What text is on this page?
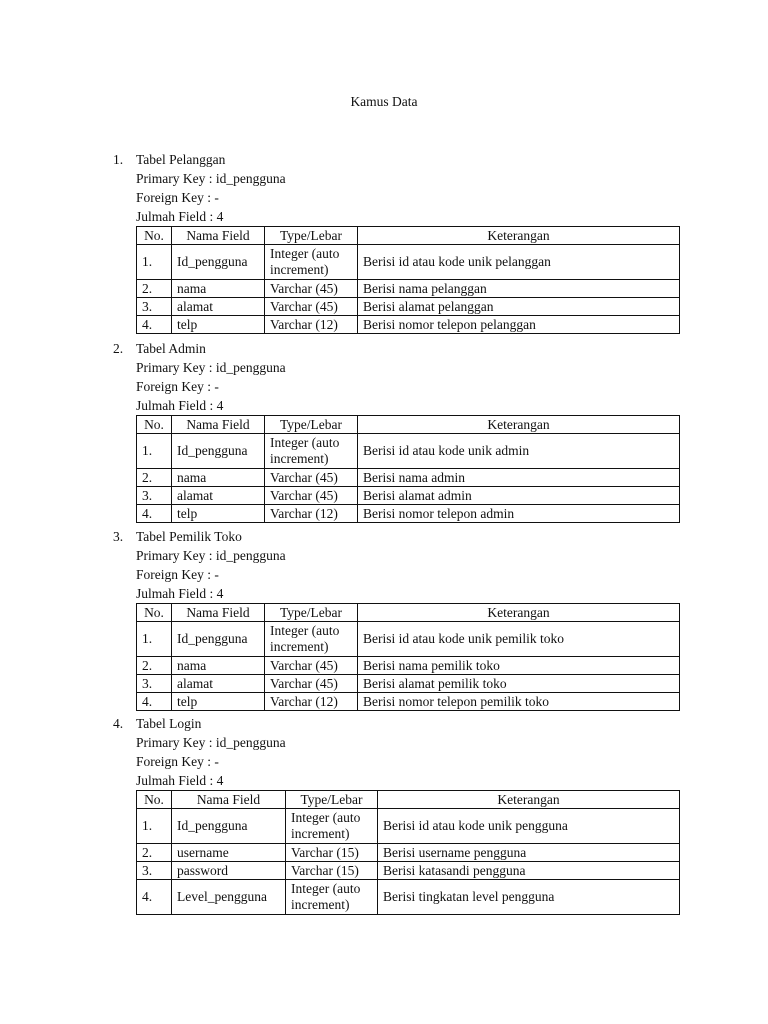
Kamus Data
1. Tabel Pelanggan
Primary Key : id_pengguna
Foreign Key : -
Julmah Field : 4
No.	Nama Field	Type/Lebar	Keterangan
1.	Id_pengguna	Integer (auto increment)	Berisi id atau kode unik pelanggan
2.	nama	Varchar (45)	Berisi nama pelanggan
3.	alamat	Varchar (45)	Berisi alamat pelanggan
4.	telp	Varchar (12)	Berisi nomor telepon pelanggan
2. Tabel Admin
Primary Key : id_pengguna
Foreign Key : -
Julmah Field : 4
No.	Nama Field	Type/Lebar	Keterangan
1.	Id_pengguna	Integer (auto increment)	Berisi id atau kode unik admin
2.	nama	Varchar (45)	Berisi nama admin
3.	alamat	Varchar (45)	Berisi alamat admin
4.	telp	Varchar (12)	Berisi nomor telepon admin
3. Tabel Pemilik Toko
Primary Key : id_pengguna
Foreign Key : -
Julmah Field : 4
No.	Nama Field	Type/Lebar	Keterangan
1.	Id_pengguna	Integer (auto increment)	Berisi id atau kode unik pemilik toko
2.	nama	Varchar (45)	Berisi nama pemilik toko
3.	alamat	Varchar (45)	Berisi alamat pemilik toko
4.	telp	Varchar (12)	Berisi nomor telepon pemilik toko
4. Tabel Login
Primary Key : id_pengguna
Foreign Key : -
Julmah Field : 4
No.	Nama Field	Type/Lebar	Keterangan
1.	Id_pengguna	Integer (auto increment)	Berisi id atau kode unik pengguna
2.	username	Varchar (15)	Berisi username pengguna
3.	password	Varchar (15)	Berisi katasandi pengguna
4.	Level_pengguna	Integer (auto increment)	Berisi tingkatan level pengguna
